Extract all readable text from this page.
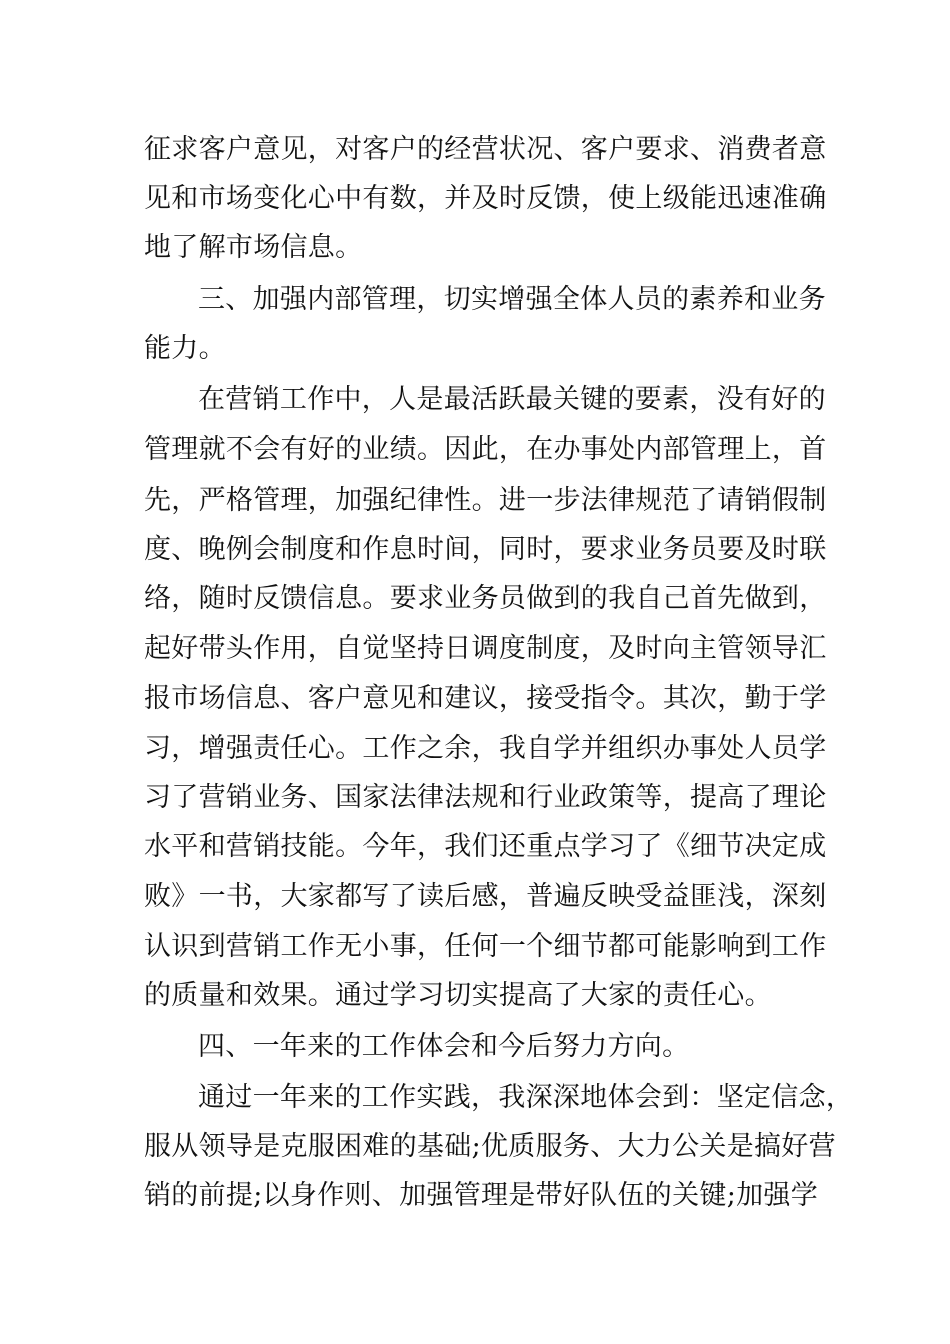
征求客户意见，对客户的经营状况、客户要求、消费者意
见和市场变化心中有数，并及时反馈，使上级能迅速准确
地了解市场信息。
三、加强内部管理，切实增强全体人员的素养和业务
能力。
在营销工作中，人是最活跃最关键的要素，没有好的
管理就不会有好的业绩。因此，在办事处内部管理上，首
先，严格管理，加强纪律性。进一步法律规范了请销假制
度、晚例会制度和作息时间，同时，要求业务员要及时联
络，随时反馈信息。要求业务员做到的我自己首先做到，
起好带头作用，自觉坚持日调度制度，及时向主管领导汇
报市场信息、客户意见和建议，接受指令。其次，勤于学
习，增强责任心。工作之余，我自学并组织办事处人员学
习了营销业务、国家法律法规和行业政策等，提高了理论
水平和营销技能。今年，我们还重点学习了《细节决定成
败》一书，大家都写了读后感，普遍反映受益匪浅，深刻
认识到营销工作无小事，任何一个细节都可能影响到工作
的质量和效果。通过学习切实提高了大家的责任心。
四、一年来的工作体会和今后努力方向。
通过一年来的工作实践，我深深地体会到：坚定信念，
服从领导是克服困难的基础;优质服务、大力公关是搞好营
销的前提;以身作则、加强管理是带好队伍的关键;加强学
